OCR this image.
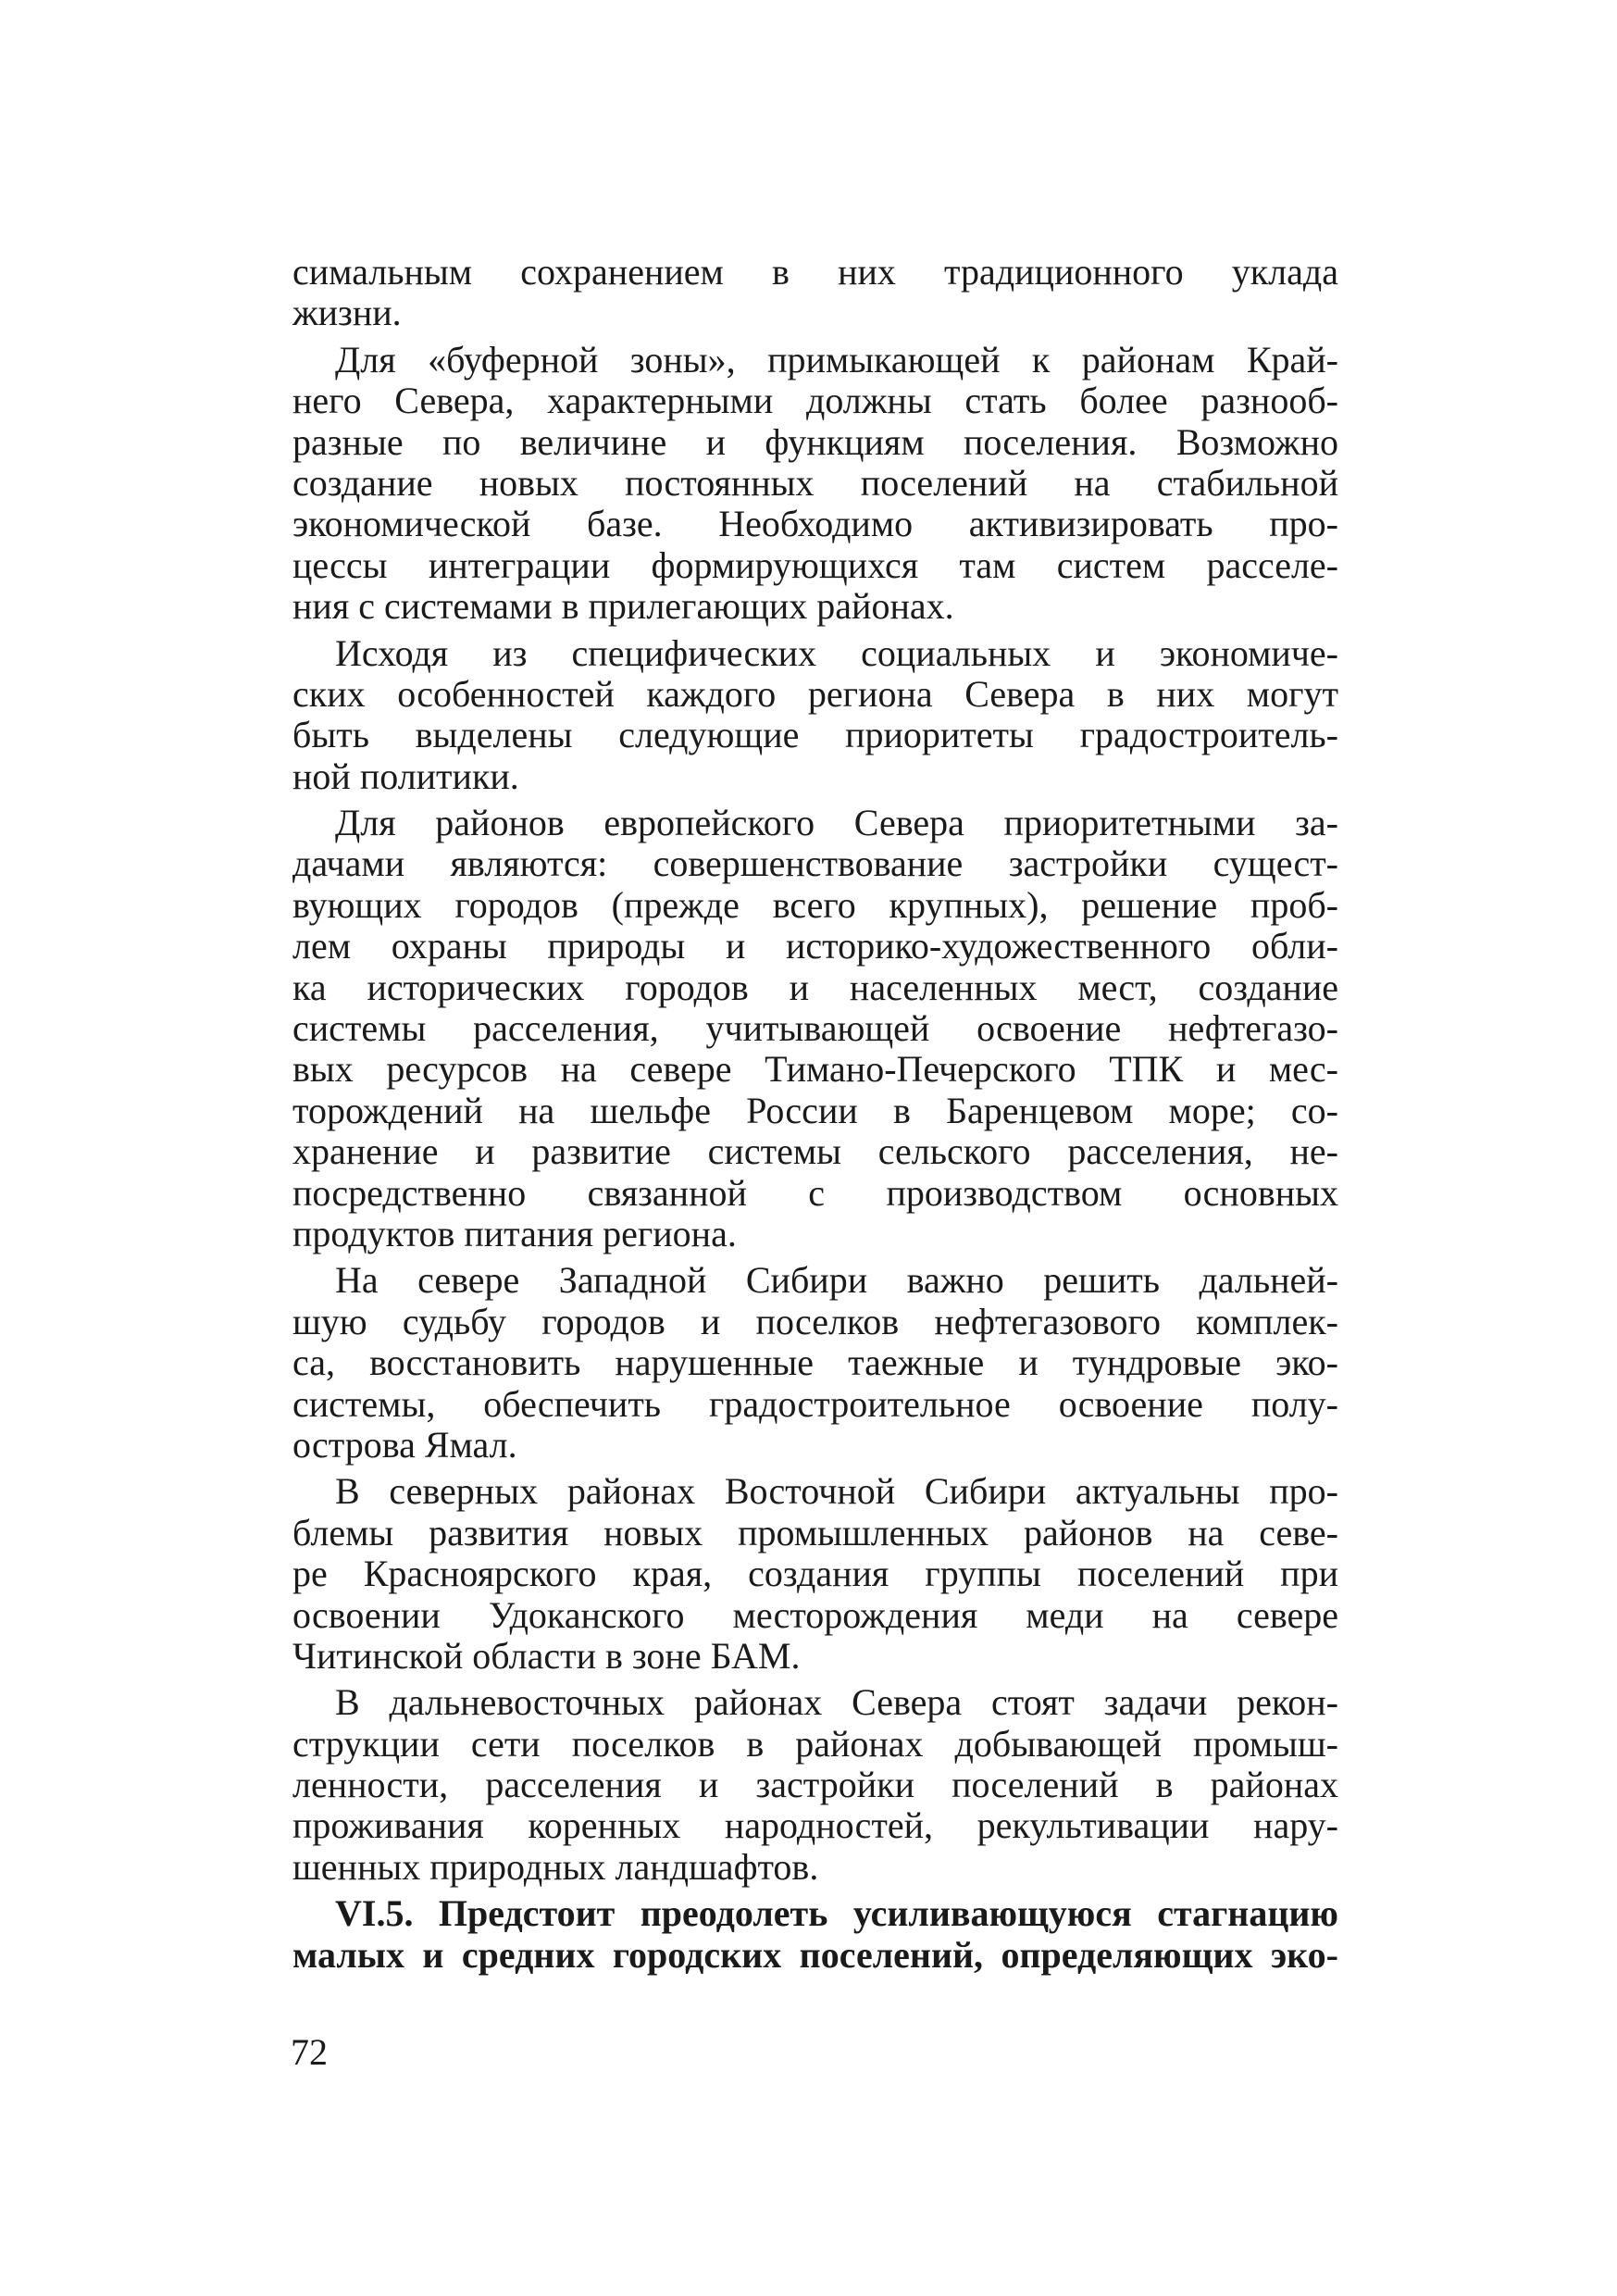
симальным сохранением в них традиционного уклада
жизни.
Для «буферной зоны», примыкающей к районам Край-
него Севера, характерными должны стать более разнооб-
разные по величине и функциям поселения. Возможно
создание новых постоянных поселений на стабильной
экономической базе. Необходимо активизировать про-
цессы интеграции формирующихся там систем расселе-
ния с системами в прилегающих районах.
Исходя из специфических социальных и экономиче-
ских особенностей каждого региона Севера в них могут
быть выделены следующие приоритеты градостроитель-
ной политики.
Для районов европейского Севера приоритетными за-
дачами являются: совершенствование застройки сущест-
вующих городов (прежде всего крупных), решение проб-
лем охраны природы и историко-художественного обли-
ка исторических городов и населенных мест, создание
системы расселения, учитывающей освоение нефтегазо-
вых ресурсов на севере Тимано-Печерского ТПК и мес-
торождений на шельфе России в Баренцевом море; со-
хранение и развитие системы сельского расселения, не-
посредственно связанной с производством основных
продуктов питания региона.
На севере Западной Сибири важно решить дальней-
шую судьбу городов и поселков нефтегазового комплек-
са, восстановить нарушенные таежные и тундровые эко-
системы, обеспечить градостроительное освоение полу-
острова Ямал.
В северных районах Восточной Сибири актуальны про-
блемы развития новых промышленных районов на севе-
ре Красноярского края, создания группы поселений при
освоении Удоканского месторождения меди на севере
Читинской области в зоне БАМ.
В дальневосточных районах Севера стоят задачи рекон-
струкции сети поселков в районах добывающей промыш-
ленности, расселения и застройки поселений в районах
проживания коренных народностей, рекультивации нару-
шенных природных ландшафтов.
VI.5. Предстоит преодолеть усиливающуюся стагнацию
малых и средних городских поселений, определяющих эко-
72
